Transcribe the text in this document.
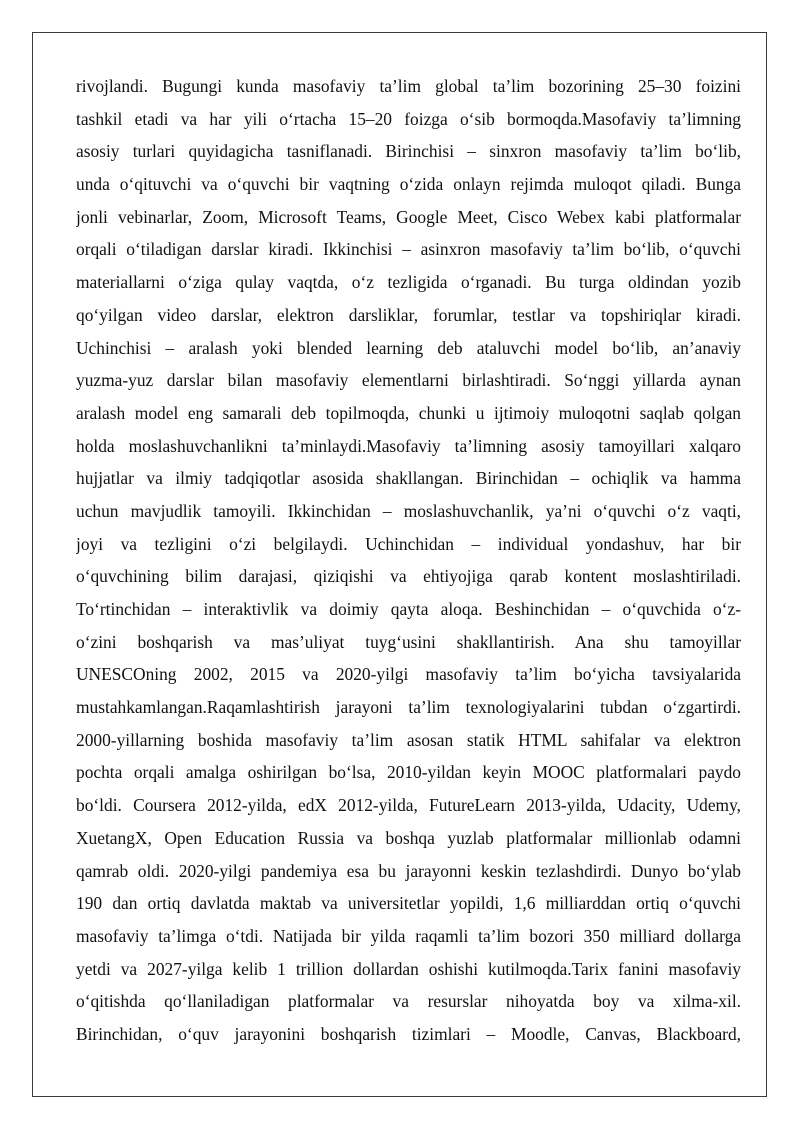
rivojlandi. Bugungi kunda masofaviy ta’lim global ta’lim bozorining 25–30 foizini
tashkil etadi va har yili o‘rtacha 15–20 foizga o‘sib bormoqda.Masofaviy ta’limning
asosiy turlari quyidagicha tasniflanadi. Birinchisi – sinxron masofaviy ta’lim bo‘lib,
unda o‘qituvchi va o‘quvchi bir vaqtning o‘zida onlayn rejimda muloqot qiladi. Bunga
jonli vebinarlar, Zoom, Microsoft Teams, Google Meet, Cisco Webex kabi platformalar
orqali o‘tiladigan darslar kiradi. Ikkinchisi – asinxron masofaviy ta’lim bo‘lib, o‘quvchi
materiallarni o‘ziga qulay vaqtda, o‘z tezligida o‘rganadi. Bu turga oldindan yozib
qo‘yilgan video darslar, elektron darsliklar, forumlar, testlar va topshiriqlar kiradi.
Uchinchisi – aralash yoki blended learning deb ataluvchi model bo‘lib, an’anaviy
yuzma-yuz darslar bilan masofaviy elementlarni birlashtiradi. So‘nggi yillarda aynan
aralash model eng samarali deb topilmoqda, chunki u ijtimoiy muloqotni saqlab qolgan
holda moslashuvchanlikni ta’minlaydi.Masofaviy ta’limning asosiy tamoyillari xalqaro
hujjatlar va ilmiy tadqiqotlar asosida shakllangan. Birinchidan – ochiqlik va hamma
uchun mavjudlik tamoyili. Ikkinchidan – moslashuvchanlik, ya’ni o‘quvchi o‘z vaqti,
joyi va tezligini o‘zi belgilaydi. Uchinchidan – individual yondashuv, har bir
o‘quvchining bilim darajasi, qiziqishi va ehtiyojiga qarab kontent moslashtiriladi.
To‘rtinchidan – interaktivlik va doimiy qayta aloqa. Beshinchidan – o‘quvchida o‘z-
o‘zini boshqarish va mas’uliyat tuyg‘usini shakllantirish. Ana shu tamoyillar
UNESCOning 2002, 2015 va 2020-yilgi masofaviy ta’lim bo‘yicha tavsiyalarida
mustahkamlangan.Raqamlashtirish jarayoni ta’lim texnologiyalarini tubdan o‘zgartirdi.
2000-yillarning boshida masofaviy ta’lim asosan statik HTML sahifalar va elektron
pochta orqali amalga oshirilgan bo‘lsa, 2010-yildan keyin MOOC platformalari paydo
bo‘ldi. Coursera 2012-yilda, edX 2012-yilda, FutureLearn 2013-yilda, Udacity, Udemy,
XuetangX, Open Education Russia va boshqa yuzlab platformalar millionlab odamni
qamrab oldi. 2020-yilgi pandemiya esa bu jarayonni keskin tezlashdirdi. Dunyo bo‘ylab
190 dan ortiq davlatda maktab va universitetlar yopildi, 1,6 milliarddan ortiq o‘quvchi
masofaviy ta’limga o‘tdi. Natijada bir yilda raqamli ta’lim bozori 350 milliard dollarga
yetdi va 2027-yilga kelib 1 trillion dollardan oshishi kutilmoqda.Tarix fanini masofaviy
o‘qitishda qo‘llaniladigan platformalar va resurslar nihoyatda boy va xilma-xil.
Birinchidan, o‘quv jarayonini boshqarish tizimlari – Moodle, Canvas, Blackboard,
